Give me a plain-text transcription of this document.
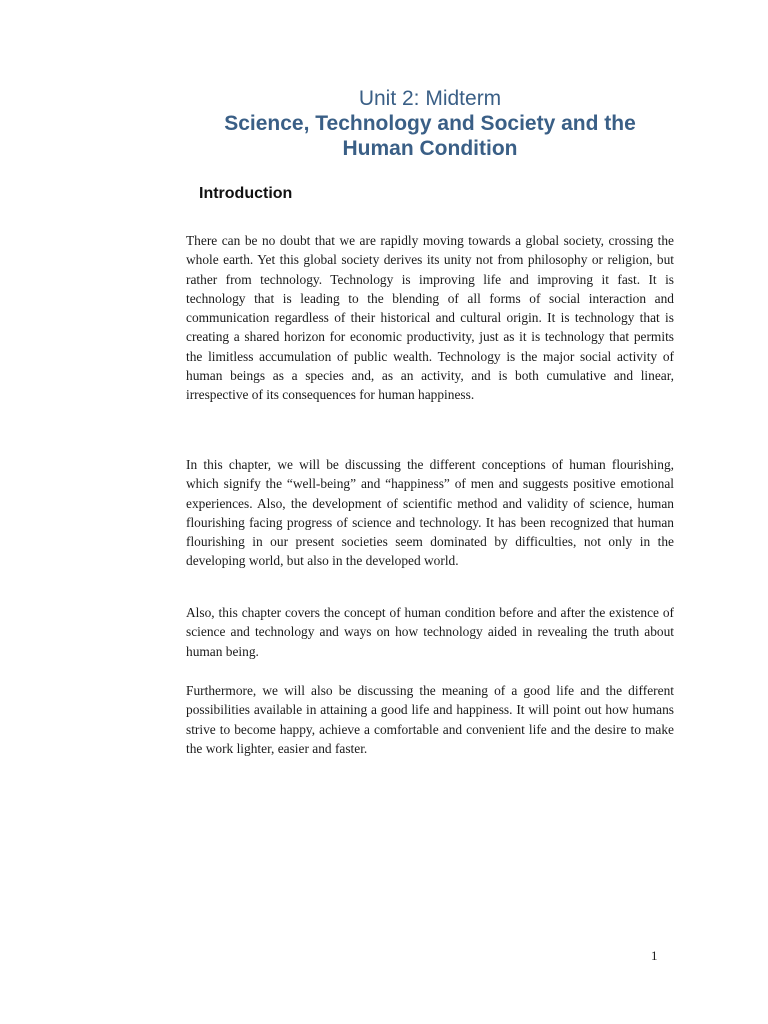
Unit 2: Midterm
Science, Technology and Society and the
Human Condition
Introduction

There can be no doubt that we are rapidly moving towards a global society, crossing the whole earth. Yet this global society derives its unity not from philosophy or religion, but rather from technology. Technology is improving life and improving it fast. It is technology that is leading to the blending of all forms of social interaction and communication regardless of their historical and cultural origin. It is technology that is creating a shared horizon for economic productivity, just as it is technology that permits the limitless accumulation of public wealth. Technology is the major social activity of human beings as a species and, as an activity, and is both cumulative and linear, irrespective of its consequences for human happiness.

In this chapter, we will be discussing the different conceptions of human flourishing, which signify the “well-being” and “happiness” of men and suggests positive emotional experiences. Also, the development of scientific method and validity of science, human flourishing facing progress of science and technology. It has been recognized that human flourishing in our present societies seem dominated by difficulties, not only in the developing world, but also in the developed world.

Also, this chapter covers the concept of human condition before and after the existence of science and technology and ways on how technology aided in revealing the truth about human being.

Furthermore, we will also be discussing the meaning of a good life and the different possibilities available in attaining a good life and happiness. It will point out how humans strive to become happy, achieve a comfortable and convenient life and the desire to make the work lighter, easier and faster.

1
